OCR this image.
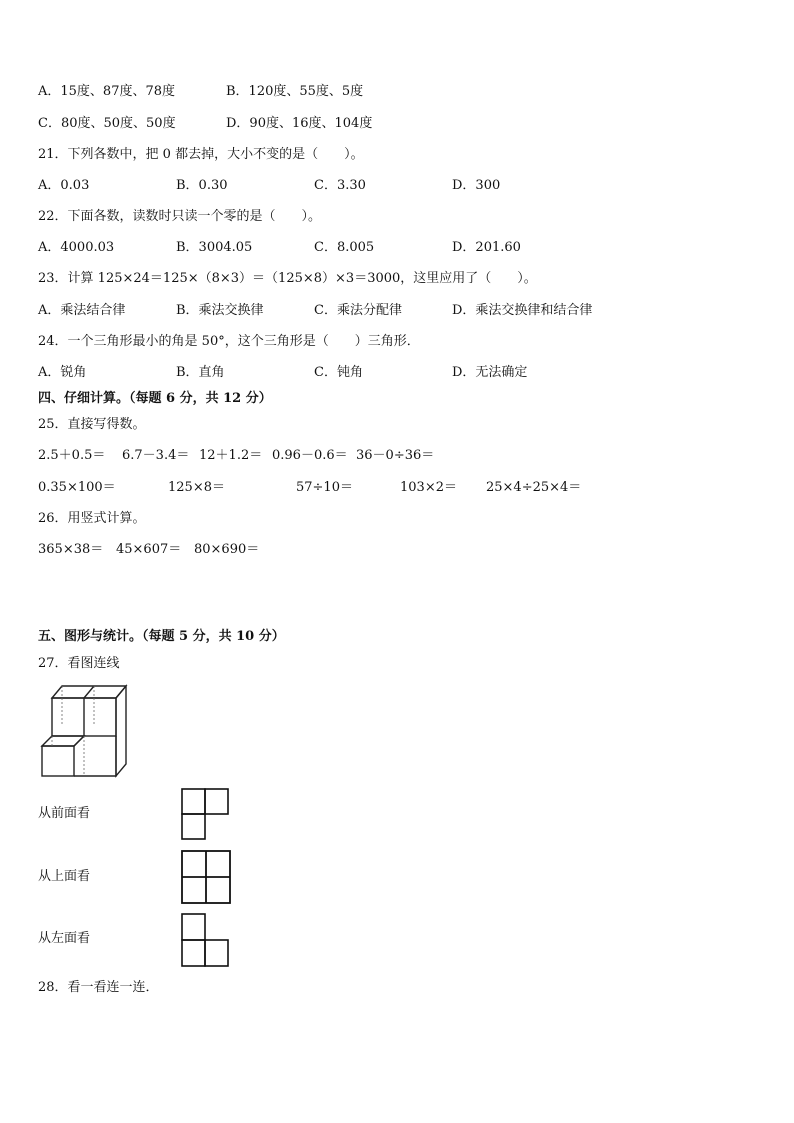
A．15度、87度、78度	B．120度、55度、5度
C．80度、50度、50度	D．90度、16度、104度
21．下列各数中，把 0 都去掉，大小不变的是（　　）。
A．0.03	B．0.30	C．3.30	D．300
22．下面各数，读数时只读一个零的是（　　）。
A．4000.03	B．3004.05	C．8.005	D．201.60
23．计算 125×24＝125×（8×3）＝（125×8）×3＝3000，这里应用了（　　）。
A．乘法结合律	B．乘法交换律	C．乘法分配律	D．乘法交换律和结合律
24．一个三角形最小的角是 50°，这个三角形是（　　）三角形．
A．锐角	B．直角	C．钝角	D．无法确定
四、仔细计算。（每题 6 分，共 12 分）
25．直接写得数。
2.5＋0.5＝ 6.7－3.4＝ 12＋1.2＝ 0.96－0.6＝ 36－0÷36＝
0.35×100＝	125×8＝	57÷10＝	103×2＝ 25×4÷25×4＝
26．用竖式计算。
365×38＝ 45×607＝ 80×690＝
五、图形与统计。（每题 5 分，共 10 分）
27．看图连线
从前面看
从上面看
从左面看
28．看一看连一连．
